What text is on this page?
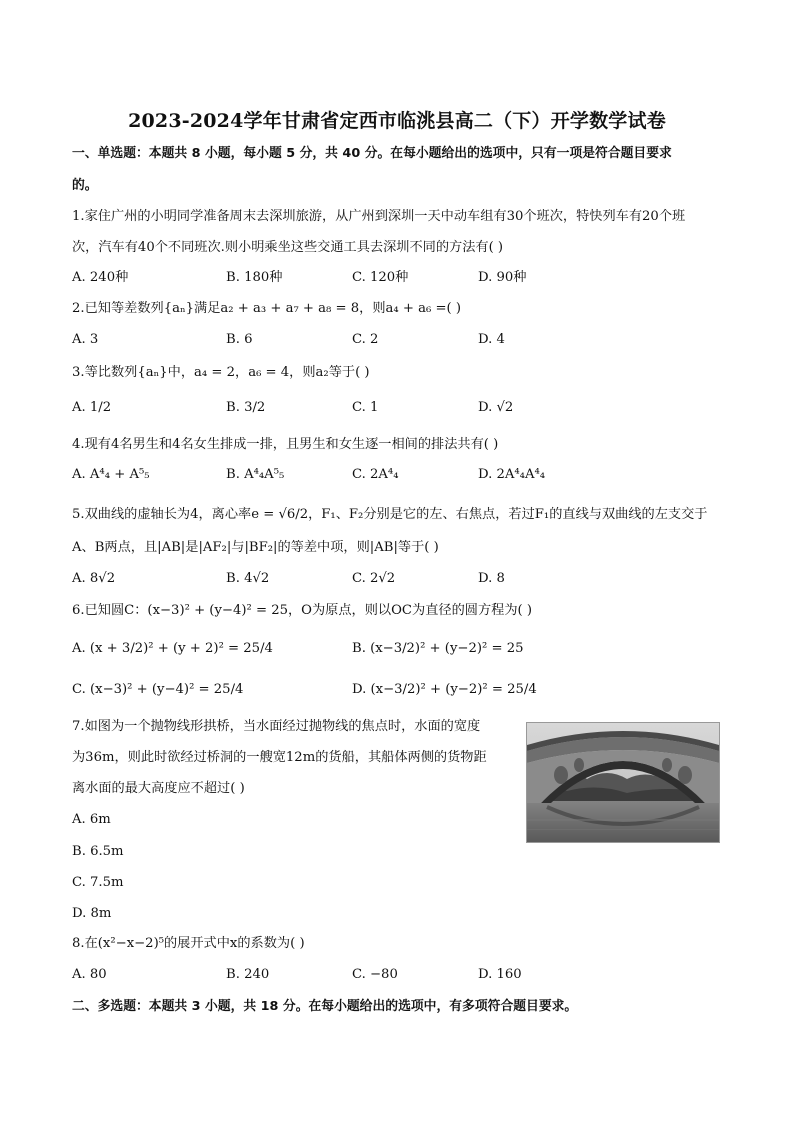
2023-2024学年甘肃省定西市临洮县高二（下）开学数学试卷
一、单选题：本题共 8 小题，每小题 5 分，共 40 分。在每小题给出的选项中，只有一项是符合题目要求
的。
1.家住广州的小明同学准备周末去深圳旅游，从广州到深圳一天中动车组有30个班次，特快列车有20个班
次，汽车有40个不同班次.则小明乘坐这些交通工具去深圳不同的方法有( )
A. 240种	B. 180种	C. 120种	D. 90种
2.已知等差数列{aₙ}满足a₂ + a₃ + a₇ + a₈ = 8，则a₄ + a₆ =( )
A. 3	B. 6	C. 2	D. 4
3.等比数列{aₙ}中，a₄ = 2，a₆ = 4，则a₂等于( )
A. 1/2	B. 3/2	C. 1	D. √2
4.现有4名男生和4名女生排成一排，且男生和女生逐一相间的排法共有( )
A. A⁴₄ + A⁵₅	B. A⁴₄A⁵₅	C. 2A⁴₄	D. 2A⁴₄A⁴₄
5.双曲线的虚轴长为4，离心率e = √6/2，F₁、F₂分别是它的左、右焦点，若过F₁的直线与双曲线的左支交于
A、B两点，且|AB|是|AF₂|与|BF₂|的等差中项，则|AB|等于( )
A. 8√2	B. 4√2	C. 2√2	D. 8
6.已知圆C：(x−3)² + (y−4)² = 25，O为原点，则以OC为直径的圆方程为( )
A. (x + 3/2)² + (y + 2)² = 25/4	B. (x−3/2)² + (y−2)² = 25
C. (x−3)² + (y−4)² = 25/4	D. (x−3/2)² + (y−2)² = 25/4
7.如图为一个抛物线形拱桥，当水面经过抛物线的焦点时，水面的宽度
为36m，则此时欲经过桥洞的一艘宽12m的货船，其船体两侧的货物距
离水面的最大高度应不超过( )
A. 6m
B. 6.5m
C. 7.5m
D. 8m
8.在(x²−x−2)⁵的展开式中x的系数为( )
A. 80	B. 240	C. −80	D. 160
二、多选题：本题共 3 小题，共 18 分。在每小题给出的选项中，有多项符合题目要求。
